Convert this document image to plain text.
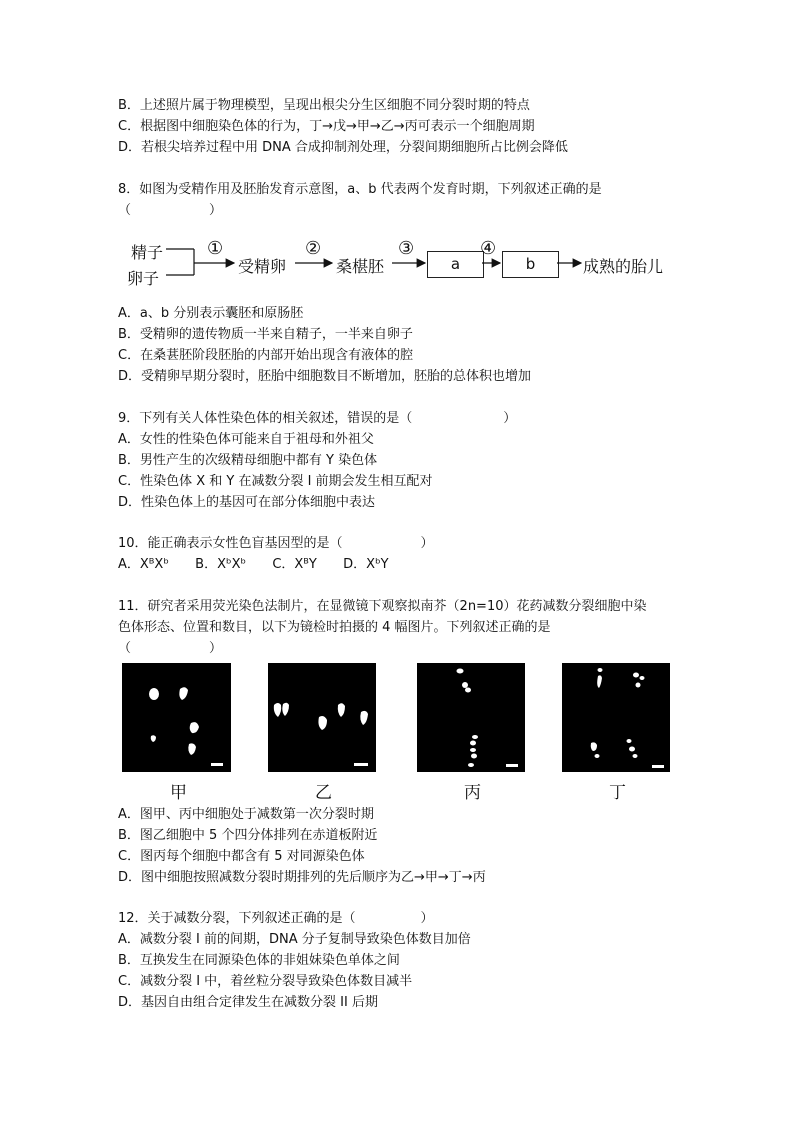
B．上述照片属于物理模型，呈现出根尖分生区细胞不同分裂时期的特点
C．根据图中细胞染色体的行为，丁→戊→甲→乙→丙可表示一个细胞周期
D．若根尖培养过程中用 DNA 合成抑制剂处理，分裂间期细胞所占比例会降低
8．如图为受精作用及胚胎发育示意图，a、b 代表两个发育时期，下列叙述正确的是
（　　　　　　）
精子
卵子
①
受精卵
②
桑椹胚
③
a
④
b	成熟的胎儿
A．a、b 分别表示囊胚和原肠胚
B．受精卵的遗传物质一半来自精子，一半来自卵子
C．在桑葚胚阶段胚胎的内部开始出现含有液体的腔
D．受精卵早期分裂时，胚胎中细胞数目不断增加，胚胎的总体积也增加
9．下列有关人体性染色体的相关叙述，错误的是（　　　　　　　）
A．女性的性染色体可能来自于祖母和外祖父
B．男性产生的次级精母细胞中都有 Y 染色体
C．性染色体 X 和 Y 在减数分裂 I 前期会发生相互配对
D．性染色体上的基因可在部分体细胞中表达
10．能正确表示女性色盲基因型的是（　　　　　　）
A．XᴮXᵇ B．XᵇXᵇ C．XᴮY D．XᵇY
11．研究者采用荧光染色法制片，在显微镜下观察拟南芥（2n=10）花药减数分裂细胞中染
色体形态、位置和数目，以下为镜检时拍摄的 4 幅图片。下列叙述正确的是
（　　　　　　）
甲	乙	丙	丁
A．图甲、丙中细胞处于减数第一次分裂时期
B．图乙细胞中 5 个四分体排列在赤道板附近
C．图丙每个细胞中都含有 5 对同源染色体
D．图中细胞按照减数分裂时期排列的先后顺序为乙→甲→丁→丙
12．关于减数分裂，下列叙述正确的是（　　　　　）
A．减数分裂 I 前的间期，DNA 分子复制导致染色体数目加倍
B．互换发生在同源染色体的非姐妹染色单体之间
C．减数分裂 I 中，着丝粒分裂导致染色体数目减半
D．基因自由组合定律发生在减数分裂 II 后期
